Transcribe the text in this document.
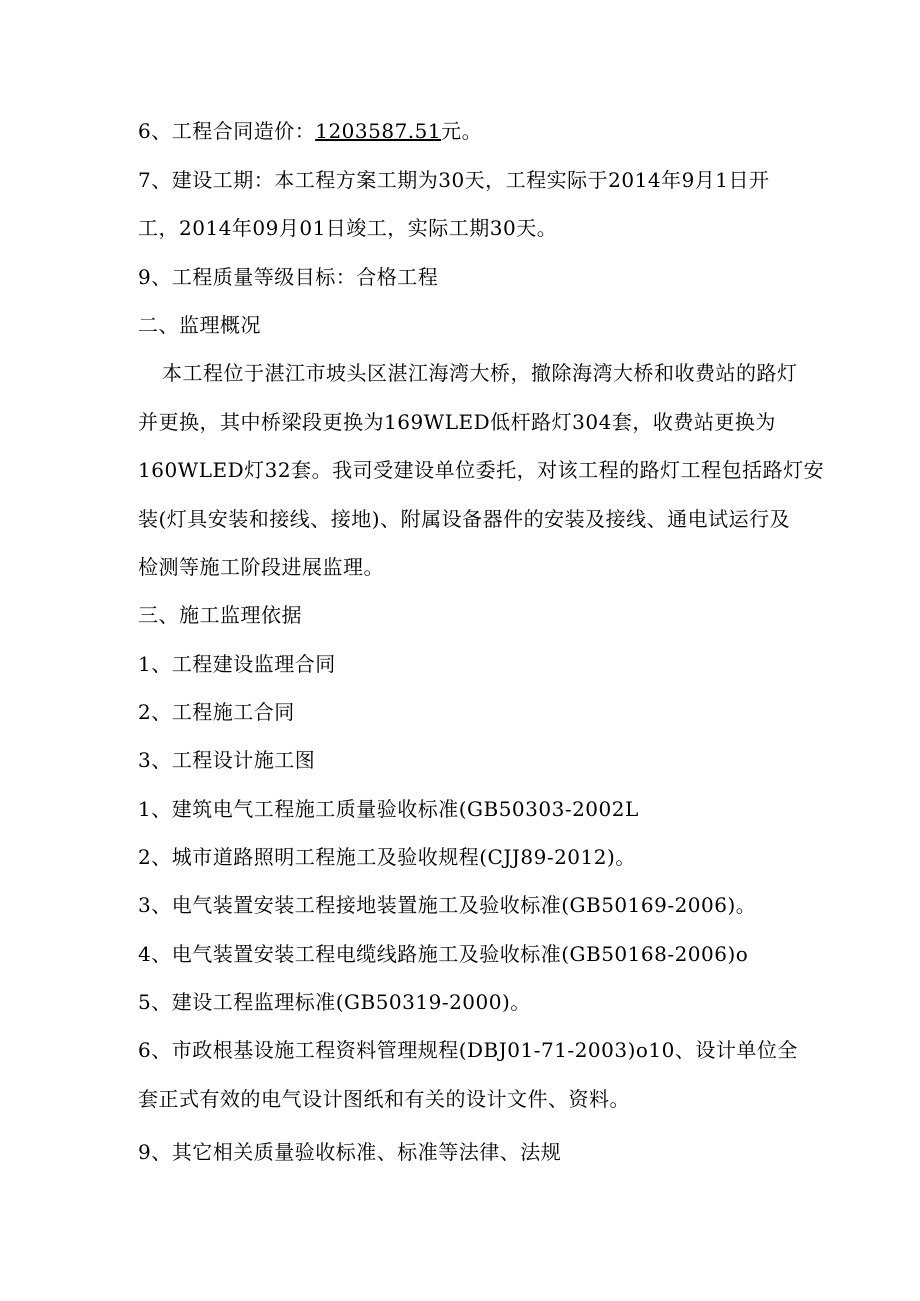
6、工程合同造价：1203587.51元。
7、建设工期：本工程方案工期为30天，工程实际于2014年9月1日开
工，2014年09月01日竣工，实际工期30天。
9、工程质量等级目标：合格工程
二、监理概况
本工程位于湛江市坡头区湛江海湾大桥，撤除海湾大桥和收费站的路灯
并更换，其中桥梁段更换为169WLED低杆路灯304套，收费站更换为
160WLED灯32套。我司受建设单位委托，对该工程的路灯工程包括路灯安
装(灯具安装和接线、接地)、附属设备器件的安装及接线、通电试运行及
检测等施工阶段进展监理。
三、施工监理依据
1、工程建设监理合同
2、工程施工合同
3、工程设计施工图
1、建筑电气工程施工质量验收标准(GB50303-2002L
2、城市道路照明工程施工及验收规程(CJJ89-2012)。
3、电气装置安装工程接地装置施工及验收标准(GB50169-2006)。
4、电气装置安装工程电缆线路施工及验收标准(GB50168-2006)o
5、建设工程监理标准(GB50319-2000)。
6、市政根基设施工程资料管理规程(DBJ01-71-2003)o10、设计单位全
套正式有效的电气设计图纸和有关的设计文件、资料。
9、其它相关质量验收标准、标准等法律、法规
